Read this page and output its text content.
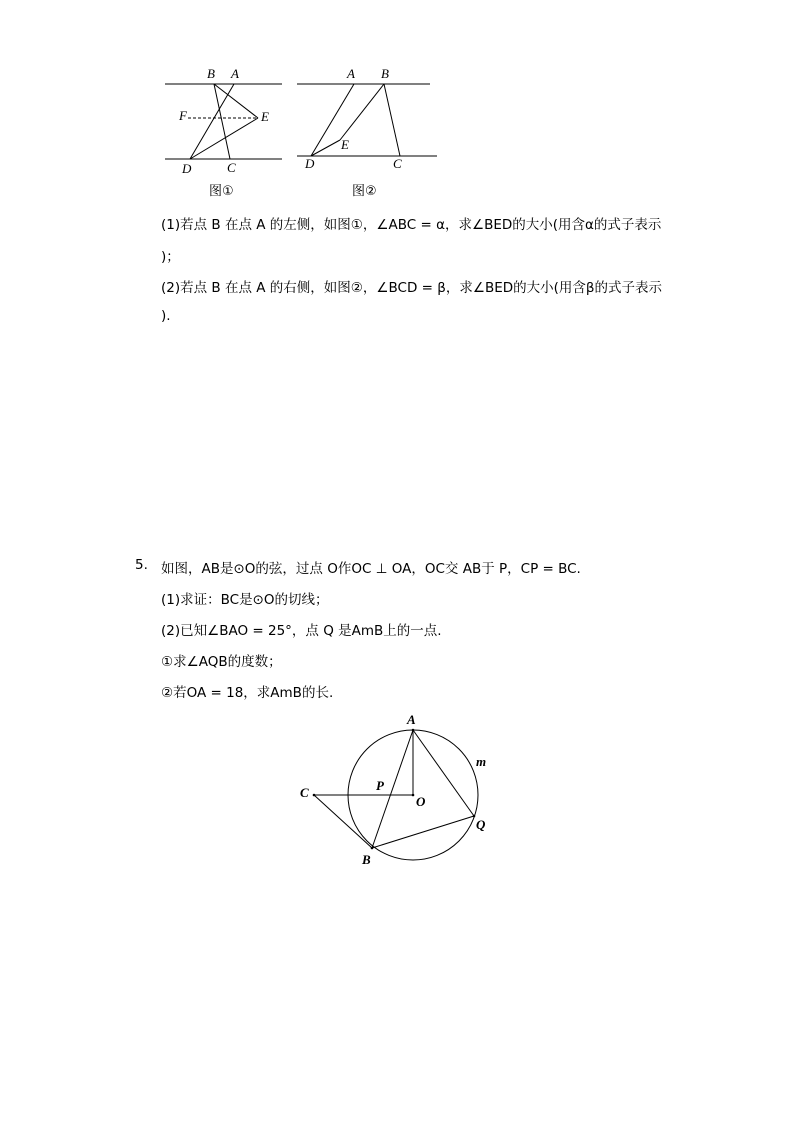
B A
F	E
D	C
图①
A B
E
D	C
图②
(1)若点 B 在点 A 的左侧，如图①，∠ABC = α，求∠BED的大小(用含α的式子表示
)；
(2)若点 B 在点 A 的右侧，如图②，∠BCD = β，求∠BED的大小(用含β的式子表示
).
5. 如图，AB是⊙O的弦，过点 O作OC ⊥ OA，OC交 AB于 P，CP = BC.
(1)求证：BC是⊙O的切线；
(2)已知∠BAO = 25°，点 Q 是AmB上的一点.
①求∠AQB的度数；
②若OA = 18，求AmB的长.
A
m
C	P
O
Q
B
